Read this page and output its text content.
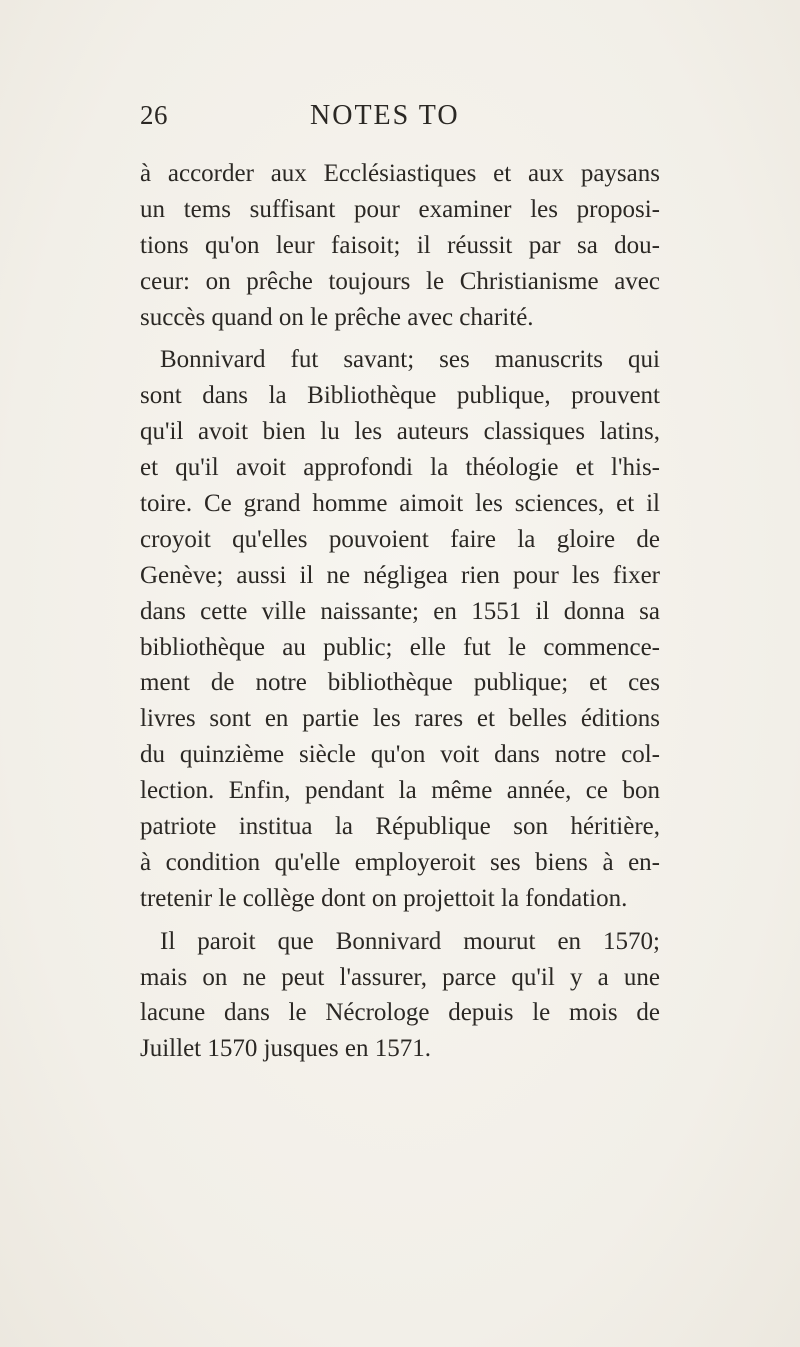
26	NOTES TO
à accorder aux Ecclésiastiques et aux paysans
un tems suffisant pour examiner les proposi-
tions qu'on leur faisoit; il réussit par sa dou-
ceur: on prêche toujours le Christianisme avec
succès quand on le prêche avec charité.
Bonnivard fut savant; ses manuscrits qui
sont dans la Bibliothèque publique, prouvent
qu'il avoit bien lu les auteurs classiques latins,
et qu'il avoit approfondi la théologie et l'his-
toire. Ce grand homme aimoit les sciences, et il
croyoit qu'elles pouvoient faire la gloire de
Genève; aussi il ne négligea rien pour les fixer
dans cette ville naissante; en 1551 il donna sa
bibliothèque au public; elle fut le commence-
ment de notre bibliothèque publique; et ces
livres sont en partie les rares et belles éditions
du quinzième siècle qu'on voit dans notre col-
lection. Enfin, pendant la même année, ce bon
patriote institua la République son héritière,
à condition qu'elle employeroit ses biens à en-
tretenir le collège dont on projettoit la fondation.
Il paroit que Bonnivard mourut en 1570;
mais on ne peut l'assurer, parce qu'il y a une
lacune dans le Nécrologe depuis le mois de
Juillet 1570 jusques en 1571.
